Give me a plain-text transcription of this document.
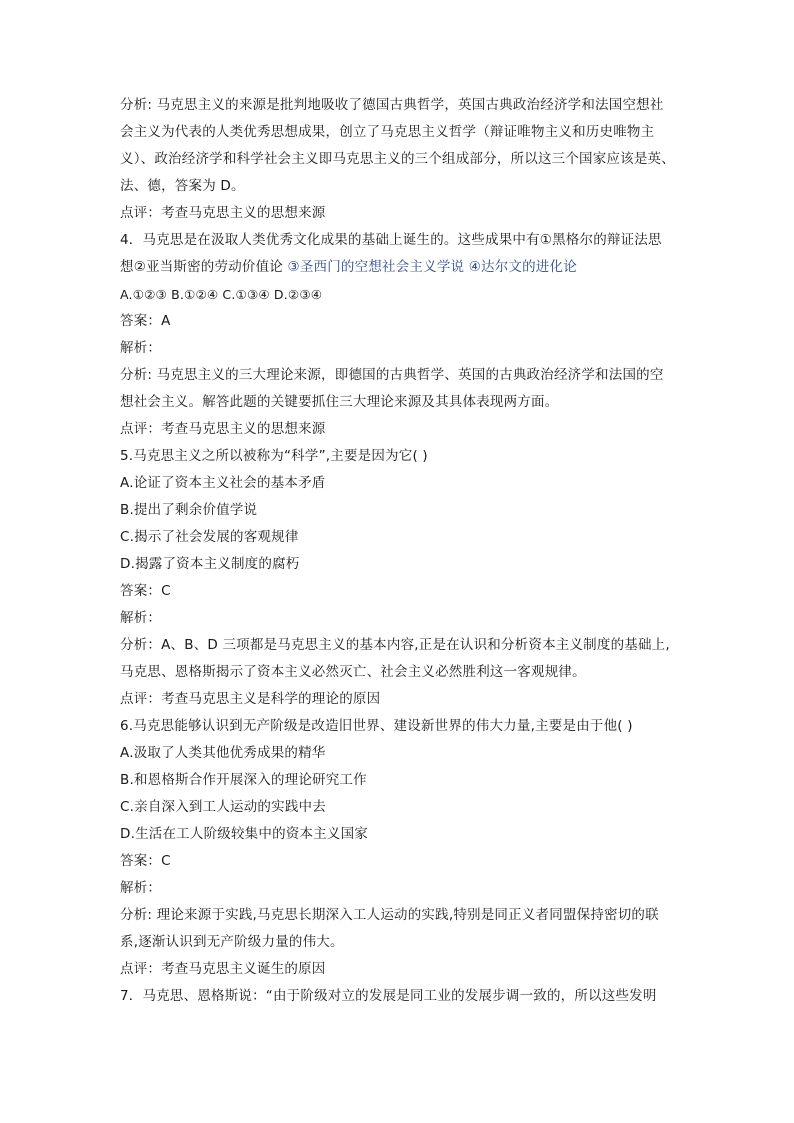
分析: 马克思主义的来源是批判地吸收了德国古典哲学，英国古典政治经济学和法国空想社
会主义为代表的人类优秀思想成果，创立了马克思主义哲学（辩证唯物主义和历史唯物主
义）、政治经济学和科学社会主义即马克思主义的三个组成部分，所以这三个国家应该是英、
法、德，答案为 D。
点评：考查马克思主义的思想来源
4．马克思是在汲取人类优秀文化成果的基础上诞生的。这些成果中有①黑格尔的辩证法思
想②亚当斯密的劳动价值论 ③圣西门的空想社会主义学说 ④达尔文的进化论
A.①②③ B.①②④ C.①③④ D.②③④
答案：A
解析：
分析: 马克思主义的三大理论来源，即德国的古典哲学、英国的古典政治经济学和法国的空
想社会主义。解答此题的关键要抓住三大理论来源及其具体表现两方面。
点评：考查马克思主义的思想来源
5.马克思主义之所以被称为“科学”,主要是因为它( )
A.论证了资本主义社会的基本矛盾
B.提出了剩余价值学说
C.揭示了社会发展的客观规律
D.揭露了资本主义制度的腐朽
答案：C
解析：
分析：A、B、D 三项都是马克思主义的基本内容,正是在认识和分析资本主义制度的基础上,
马克思、恩格斯揭示了资本主义必然灭亡、社会主义必然胜利这一客观规律。
点评：考查马克思主义是科学的理论的原因
6.马克思能够认识到无产阶级是改造旧世界、建设新世界的伟大力量,主要是由于他( )
A.汲取了人类其他优秀成果的精华
B.和恩格斯合作开展深入的理论研究工作
C.亲自深入到工人运动的实践中去
D.生活在工人阶级较集中的资本主义国家
答案：C
解析：
分析: 理论来源于实践,马克思长期深入工人运动的实践,特别是同正义者同盟保持密切的联
系,逐渐认识到无产阶级力量的伟大。
点评：考查马克思主义诞生的原因
7．马克思、恩格斯说：“由于阶级对立的发展是同工业的发展步调一致的，所以这些发明
